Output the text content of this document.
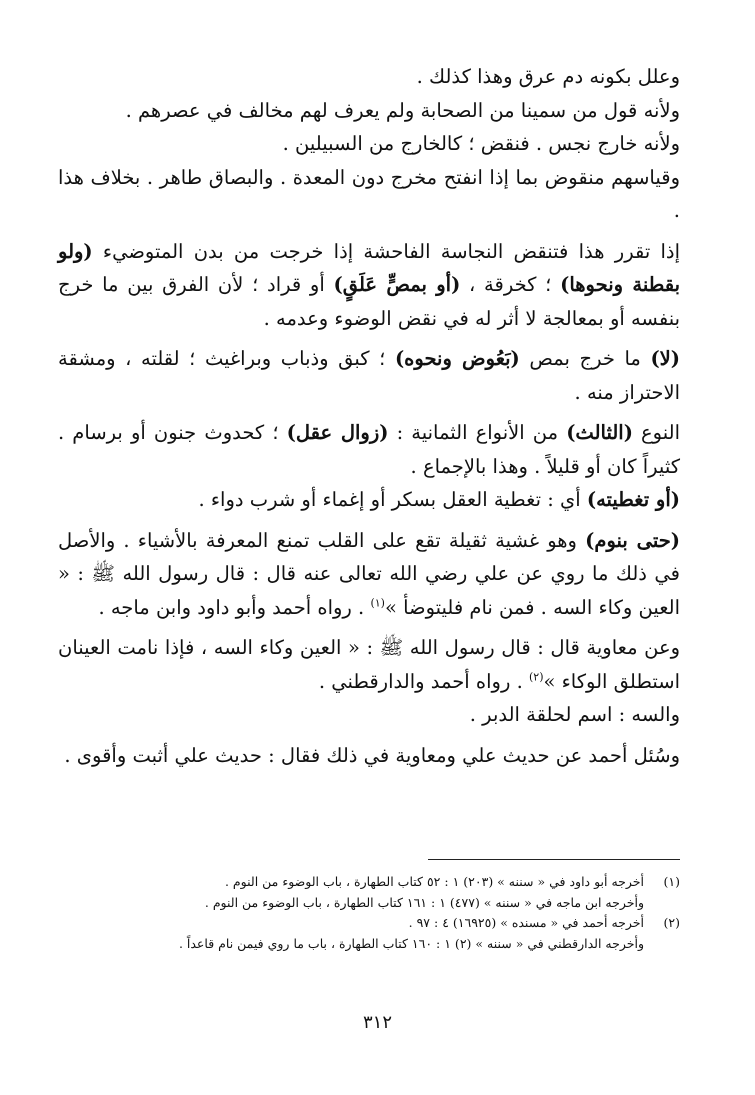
وعلل بكونه دم عرق وهذا كذلك .

ولأنه قول من سمينا من الصحابة ولم يعرف لهم مخالف في عصرهم .

ولأنه خارج نجس . فنقض ؛ كالخارج من السبيلين .

وقياسهم منقوض بما إذا انفتح مخرج دون المعدة . والبصاق طاهر . بخلاف هذا .

إذا تقرر هذا فتنقض النجاسة الفاحشة إذا خرجت من بدن المتوضيء (ولو بقطنة ونحوها) ؛ كخرقة ، (أو بمصٍّ عَلَقٍ) أو قراد ؛ لأن الفرق بين ما خرج بنفسه أو بمعالجة لا أثر له في نقض الوضوء وعدمه .

(لا) ما خرج بمص (بَعُوض ونحوه) ؛ كبق وذباب وبراغيث ؛ لقلته ، ومشقة الاحتراز منه .

النوع (الثالث) من الأنواع الثمانية : (زوال عقل) ؛ كحدوث جنون أو برسام . كثيراً كان أو قليلاً . وهذا بالإجماع .

(أو تغطيته) أي : تغطية العقل بسكر أو إغماء أو شرب دواء .

(حتى بنوم) وهو غشية ثقيلة تقع على القلب تمنع المعرفة بالأشياء . والأصل في ذلك ما روي عن علي رضي الله تعالى عنه قال : قال رسول الله ﷺ : « العين وكاء السه . فمن نام فليتوضأ »$^{(١)}$ . رواه أحمد وأبو داود وابن ماجه .

وعن معاوية قال : قال رسول الله ﷺ : « العين وكاء السه ، فإذا نامت العينان استطلق الوكاء »$^{(٢)}$ . رواه أحمد والدارقطني .

والسه : اسم لحلقة الدبر .

وسُئل أحمد عن حديث علي ومعاوية في ذلك فقال : حديث علي أثبت وأقوى .

(١)
أخرجه أبو داود في « سننه » (٢٠٣) ١ : ٥٢ كتاب الطهارة ، باب الوضوء من النوم .
وأخرجه ابن ماجه في « سننه » (٤٧٧) ١ : ١٦١ كتاب الطهارة ، باب الوضوء من النوم .
(٢)
أخرجه أحمد في « مسنده » (١٦٩٢٥) ٤ : ٩٧ .
وأخرجه الدارقطني في « سننه » (٢) ١ : ١٦٠ كتاب الطهارة ، باب ما روي فيمن نام قاعداً .
٣١٢
